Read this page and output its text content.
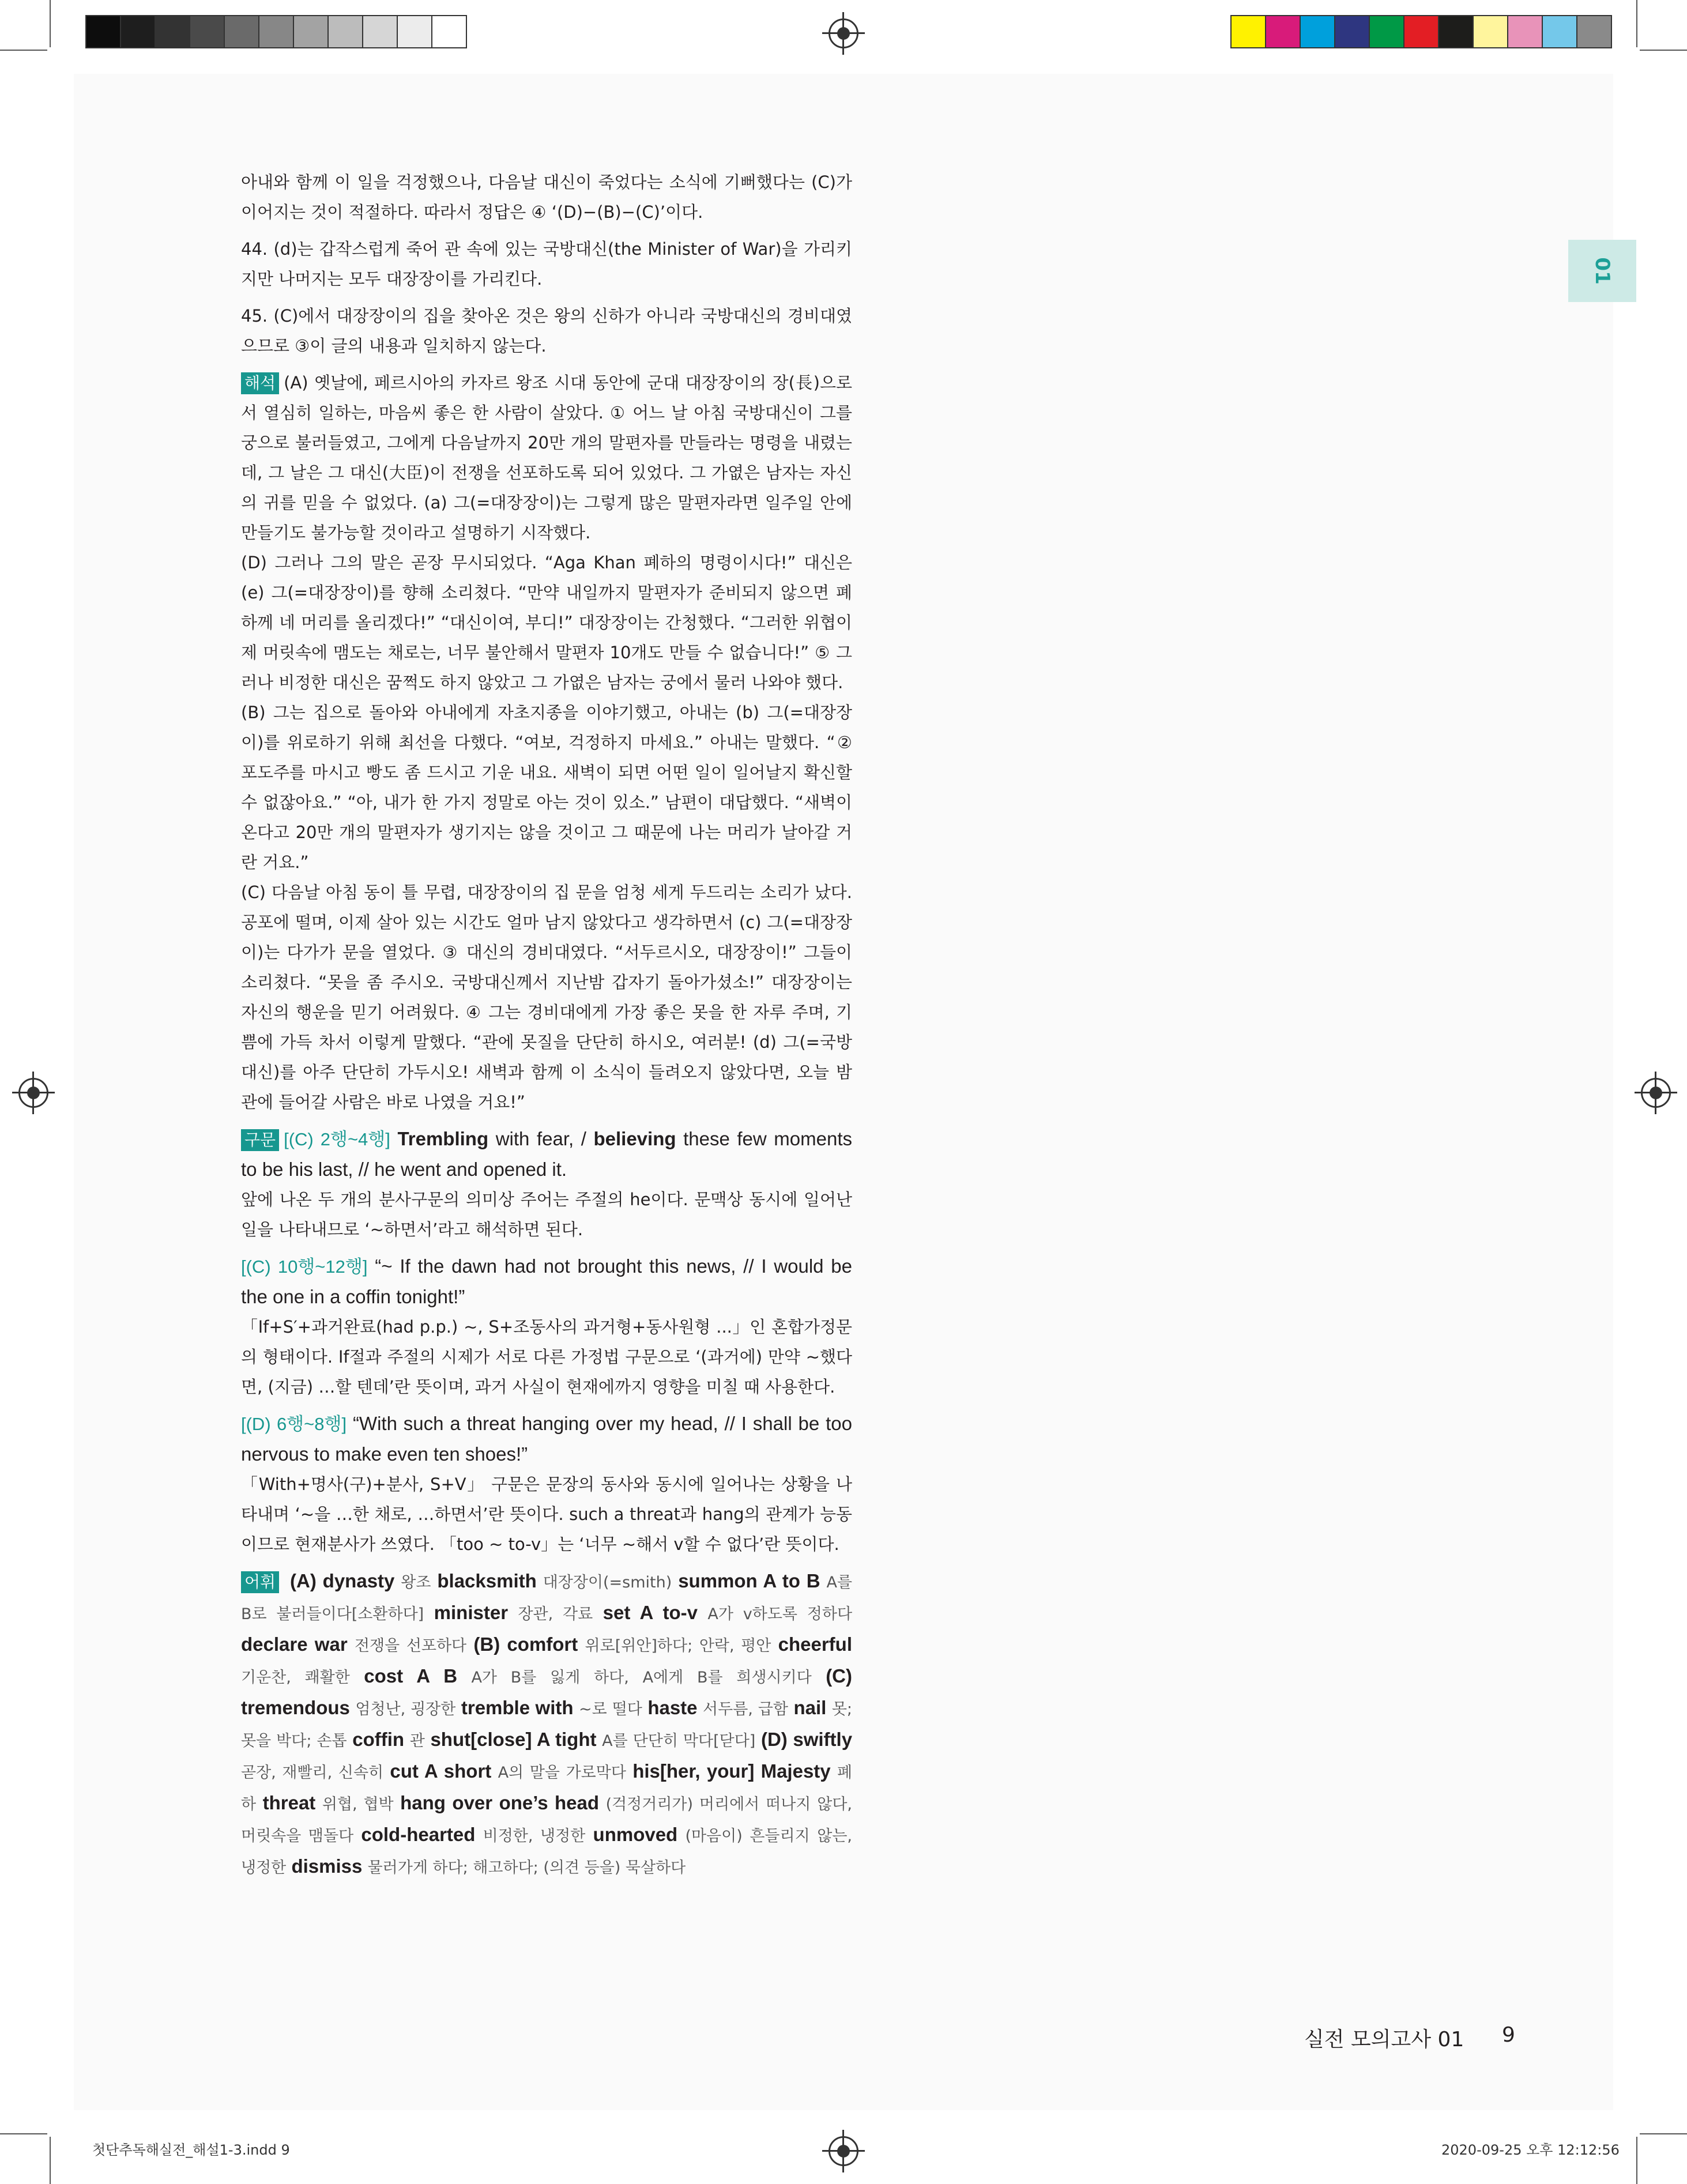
01

아내와 함께 이 일을 걱정했으나, 다음날 대신이 죽었다는 소식에 기뻐했다는 (C)가 이어지는 것이 적절하다. 따라서 정답은 ④ ‘(D)−(B)−(C)’이다.

44. (d)는 갑작스럽게 죽어 관 속에 있는 국방대신(the Minister of War)을 가리키지만 나머지는 모두 대장장이를 가리킨다.

45. (C)에서 대장장이의 집을 찾아온 것은 왕의 신하가 아니라 국방대신의 경비대였으므로 ③이 글의 내용과 일치하지 않는다.

해석 (A) 옛날에, 페르시아의 카자르 왕조 시대 동안에 군대 대장장이의 장(長)으로서 열심히 일하는, 마음씨 좋은 한 사람이 살았다. ① 어느 날 아침 국방대신이 그를 궁으로 불러들였고, 그에게 다음날까지 20만 개의 말편자를 만들라는 명령을 내렸는데, 그 날은 그 대신(大臣)이 전쟁을 선포하도록 되어 있었다. 그 가엾은 남자는 자신의 귀를 믿을 수 없었다. (a) 그(=대장장이)는 그렇게 많은 말편자라면 일주일 안에 만들기도 불가능할 것이라고 설명하기 시작했다.

(D) 그러나 그의 말은 곧장 무시되었다. “Aga Khan 폐하의 명령이시다!” 대신은 (e) 그(=대장장이)를 향해 소리쳤다. “만약 내일까지 말편자가 준비되지 않으면 폐하께 네 머리를 올리겠다!” “대신이여, 부디!” 대장장이는 간청했다. “그러한 위협이 제 머릿속에 맴도는 채로는, 너무 불안해서 말편자 10개도 만들 수 없습니다!” ⑤ 그러나 비정한 대신은 꿈쩍도 하지 않았고 그 가엾은 남자는 궁에서 물러 나와야 했다.

(B) 그는 집으로 돌아와 아내에게 자초지종을 이야기했고, 아내는 (b) 그(=대장장이)를 위로하기 위해 최선을 다했다. “여보, 걱정하지 마세요.” 아내는 말했다. “② 포도주를 마시고 빵도 좀 드시고 기운 내요. 새벽이 되면 어떤 일이 일어날지 확신할 수 없잖아요.” “아, 내가 한 가지 정말로 아는 것이 있소.” 남편이 대답했다. “새벽이 온다고 20만 개의 말편자가 생기지는 않을 것이고 그 때문에 나는 머리가 날아갈 거란 거요.”

(C) 다음날 아침 동이 틀 무렵, 대장장이의 집 문을 엄청 세게 두드리는 소리가 났다. 공포에 떨며, 이제 살아 있는 시간도 얼마 남지 않았다고 생각하면서 (c) 그(=대장장이)는 다가가 문을 열었다. ③ 대신의 경비대였다. “서두르시오, 대장장이!” 그들이 소리쳤다. “못을 좀 주시오. 국방대신께서 지난밤 갑자기 돌아가셨소!” 대장장이는 자신의 행운을 믿기 어려웠다. ④ 그는 경비대에게 가장 좋은 못을 한 자루 주며, 기쁨에 가득 차서 이렇게 말했다. “관에 못질을 단단히 하시오, 여러분! (d) 그(=국방대신)를 아주 단단히 가두시오! 새벽과 함께 이 소식이 들려오지 않았다면, 오늘 밤 관에 들어갈 사람은 바로 나였을 거요!”

구문 [(C) 2행~4행] Trembling with fear, / believing these few moments to be his last, // he went and opened it.

앞에 나온 두 개의 분사구문의 의미상 주어는 주절의 he이다. 문맥상 동시에 일어난 일을 나타내므로 ‘~하면서’라고 해석하면 된다.

[(C) 10행~12행] “~ If the dawn had not brought this news, // I would be the one in a coffin tonight!”

「If+S′+과거완료(had p.p.) ~, S+조동사의 과거형+동사원형 ...」인 혼합가정문의 형태이다. If절과 주절의 시제가 서로 다른 가정법 구문으로 ‘(과거에) 만약 ~했다면, (지금) …할 텐데’란 뜻이며, 과거 사실이 현재에까지 영향을 미칠 때 사용한다.

[(D) 6행~8행] “With such a threat hanging over my head, // I shall be too nervous to make even ten shoes!”

「With+명사(구)+분사, S+V」 구문은 문장의 동사와 동시에 일어나는 상황을 나타내며 ‘~을 …한 채로, …하면서’란 뜻이다. such a threat과 hang의 관계가 능동이므로 현재분사가 쓰였다. 「too ~ to-v」는 ‘너무 ~해서 v할 수 없다’란 뜻이다.

어휘 (A) dynasty 왕조 blacksmith 대장장이(=smith) summon A to B A를 B로 불러들이다[소환하다] minister 장관, 각료 set A to-v A가 v하도록 정하다 declare war 전쟁을 선포하다 (B) comfort 위로[위안]하다; 안락, 평안 cheerful 기운찬, 쾌활한 cost A B A가 B를 잃게 하다, A에게 B를 희생시키다 (C) tremendous 엄청난, 굉장한 tremble with ~로 떨다 haste 서두름, 급함 nail 못; 못을 박다; 손톱 coffin 관 shut[close] A tight A를 단단히 막다[닫다] (D) swiftly 곧장, 재빨리, 신속히 cut A short A의 말을 가로막다 his[her, your] Majesty 폐하 threat 위협, 협박 hang over one’s head (걱정거리가) 머리에서 떠나지 않다, 머릿속을 맴돌다 cold-hearted 비정한, 냉정한 unmoved (마음이) 흔들리지 않는, 냉정한 dismiss 물러가게 하다; 해고하다; (의견 등을) 묵살하다

실전 모의고사 01 9
첫단추독해실전_해설1-3.indd 9	2020-09-25 오후 12:12:56
